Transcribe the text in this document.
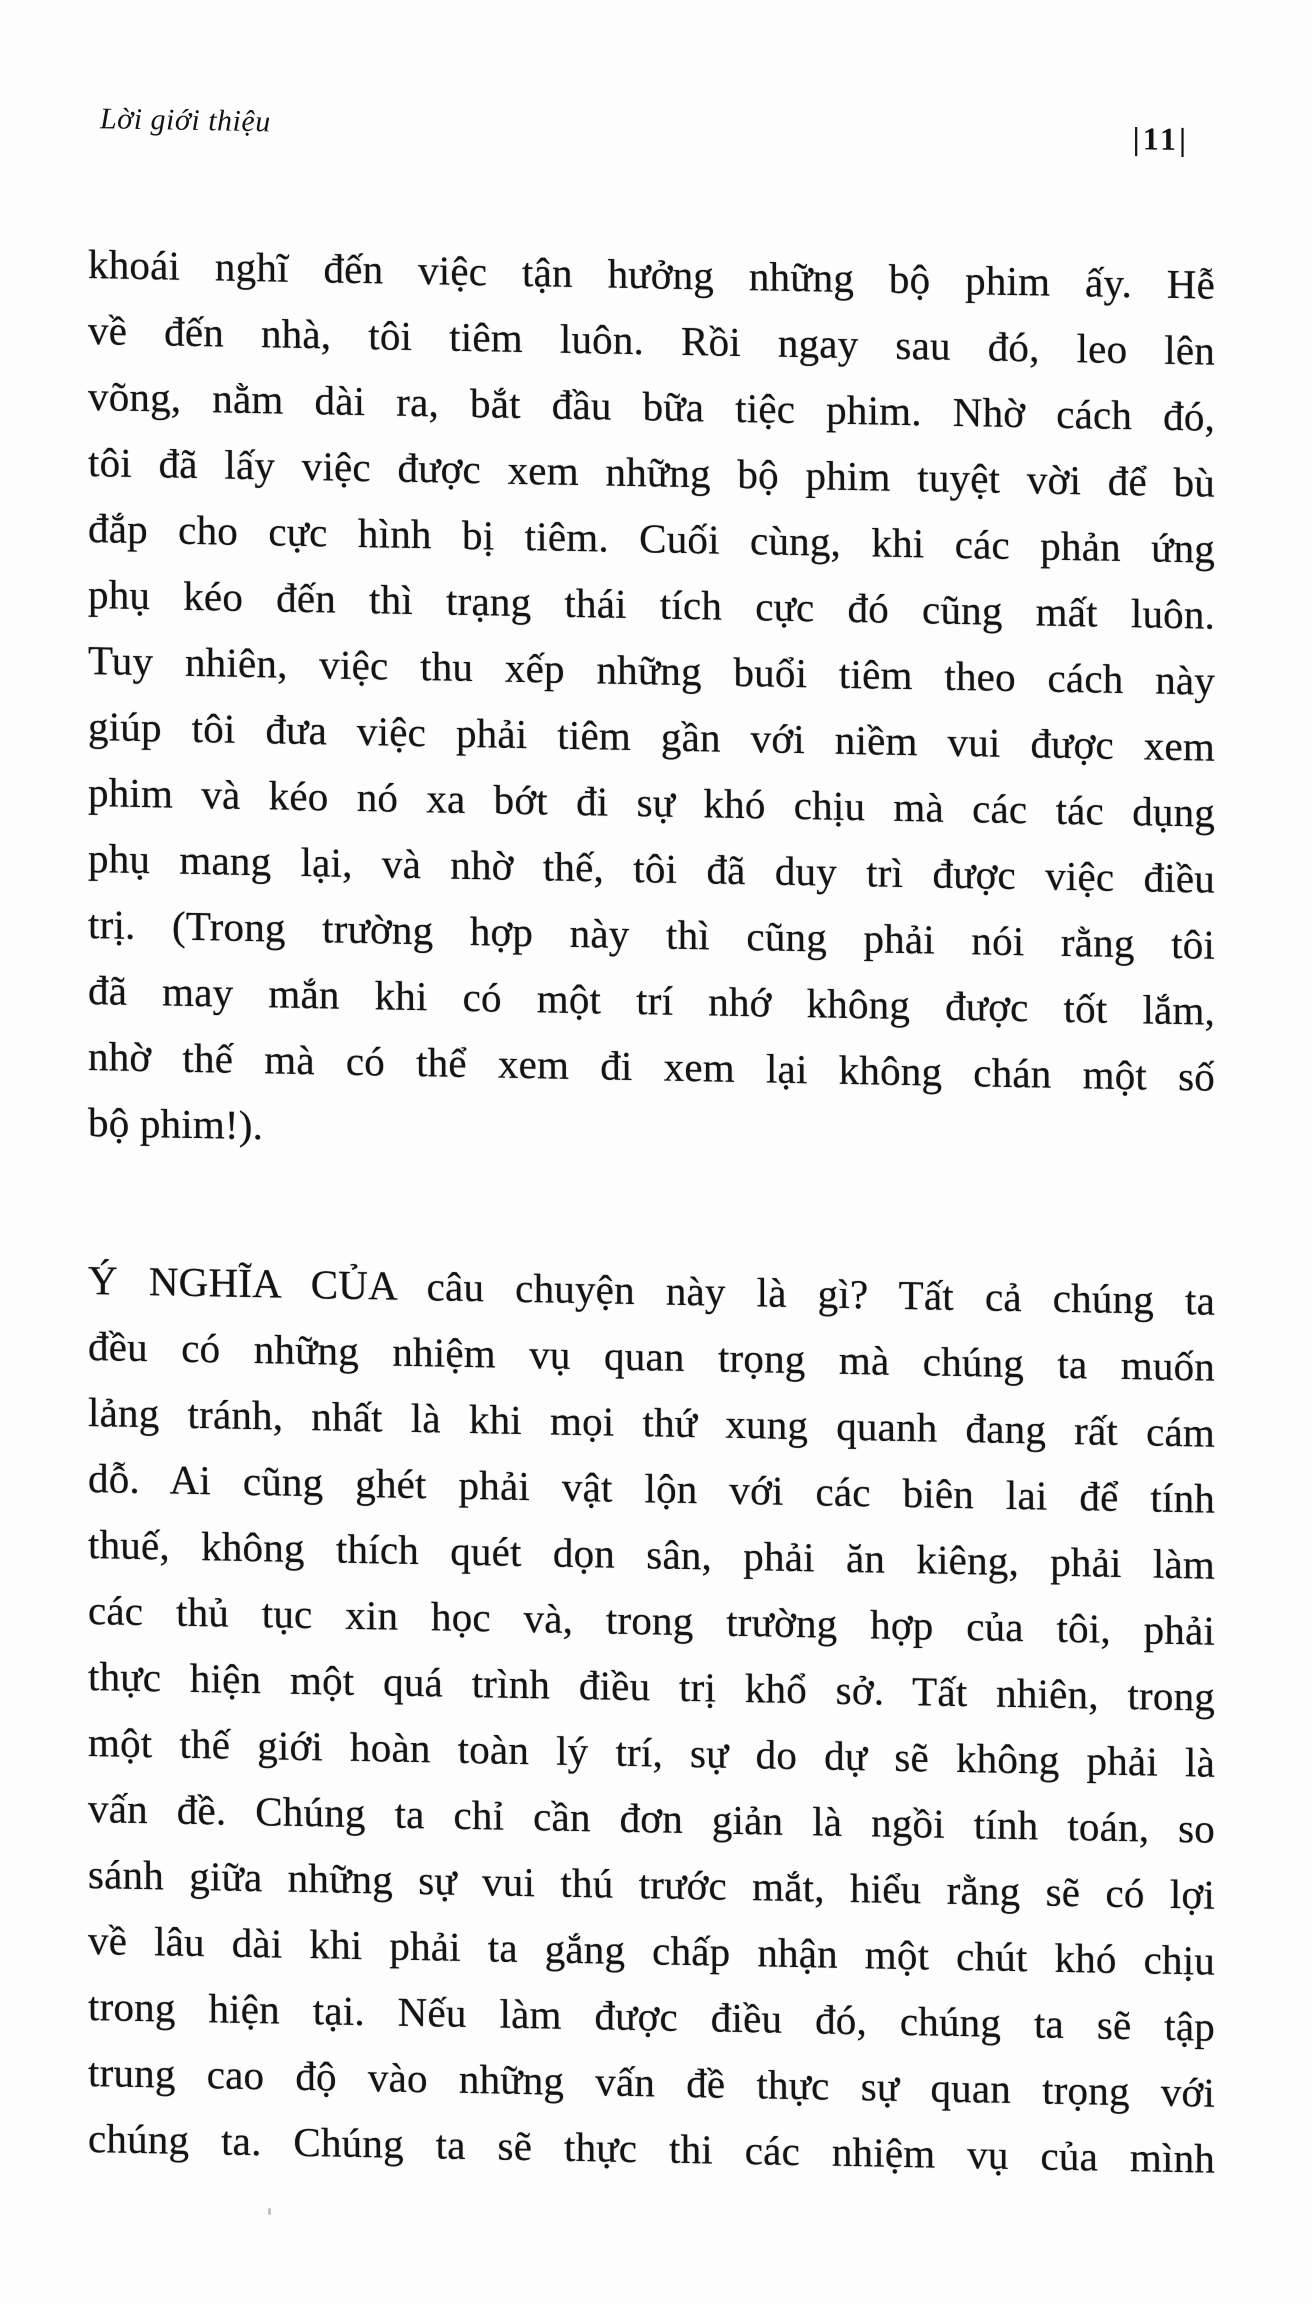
Lời giới thiệu	|11|
khoái nghĩ đến việc tận hưởng những bộ phim ấy. Hễ
về đến nhà, tôi tiêm luôn. Rồi ngay sau đó, leo lên
võng, nằm dài ra, bắt đầu bữa tiệc phim. Nhờ cách đó,
tôi đã lấy việc được xem những bộ phim tuyệt vời để bù
đắp cho cực hình bị tiêm. Cuối cùng, khi các phản ứng
phụ kéo đến thì trạng thái tích cực đó cũng mất luôn.
Tuy nhiên, việc thu xếp những buổi tiêm theo cách này
giúp tôi đưa việc phải tiêm gần với niềm vui được xem
phim và kéo nó xa bớt đi sự khó chịu mà các tác dụng
phụ mang lại, và nhờ thế, tôi đã duy trì được việc điều
trị. (Trong trường hợp này thì cũng phải nói rằng tôi
đã may mắn khi có một trí nhớ không được tốt lắm,
nhờ thế mà có thể xem đi xem lại không chán một số
bộ phim!).
Ý NGHĨA CỦA câu chuyện này là gì? Tất cả chúng ta
đều có những nhiệm vụ quan trọng mà chúng ta muốn
lảng tránh, nhất là khi mọi thứ xung quanh đang rất cám
dỗ. Ai cũng ghét phải vật lộn với các biên lai để tính
thuế, không thích quét dọn sân, phải ăn kiêng, phải làm
các thủ tục xin học và, trong trường hợp của tôi, phải
thực hiện một quá trình điều trị khổ sở. Tất nhiên, trong
một thế giới hoàn toàn lý trí, sự do dự sẽ không phải là
vấn đề. Chúng ta chỉ cần đơn giản là ngồi tính toán, so
sánh giữa những sự vui thú trước mắt, hiểu rằng sẽ có lợi
về lâu dài khi phải ta gắng chấp nhận một chút khó chịu
trong hiện tại. Nếu làm được điều đó, chúng ta sẽ tập
trung cao độ vào những vấn đề thực sự quan trọng với
chúng ta. Chúng ta sẽ thực thi các nhiệm vụ của mình
